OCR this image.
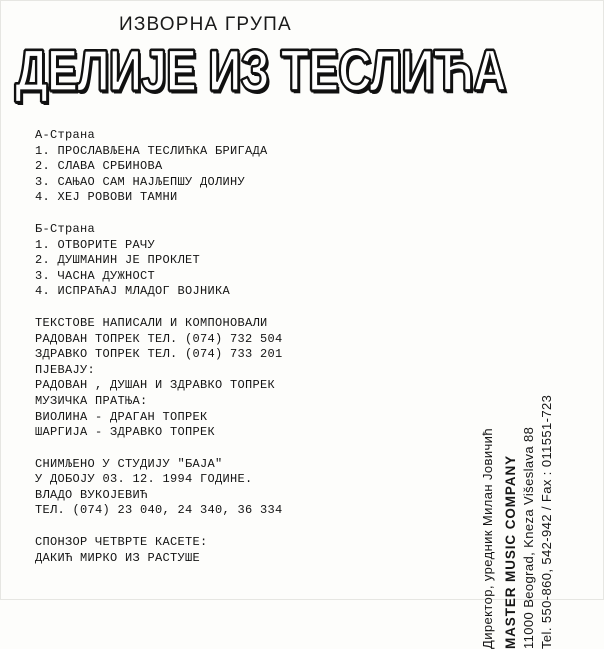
ИЗВОРНА ГРУПА
ДЕЛИЈЕ ИЗ ТЕСЛИЋА
А-Страна
1. ПРОСЛАВЉЕНА ТЕСЛИЋКА БРИГАДА
2. СЛАВА СРБИНОВА
3. САЊАО САМ НАЈЉЕПШУ ДОЛИНУ
4. ХЕЈ РОВОВИ ТАМНИ
Б-Страна
1. ОТВОРИТЕ РАЧУ
2. ДУШМАНИН ЈЕ ПРОКЛЕТ
3. ЧАСНА ДУЖНОСТ
4. ИСПРАЋАЈ МЛАДОГ ВОЈНИКА
ТЕКСТОВЕ НАПИСАЛИ И КОМПОНОВАЛИ
РАДОВАН ТОПРЕК ТЕЛ. (074) 732 504
ЗДРАВКО ТОПРЕК ТЕЛ. (074) 733 201
ПЈЕВАЈУ:
РАДОВАН , ДУШАН И ЗДРАВКО ТОПРЕК
МУЗИЧКА ПРАТЊА:
ВИОЛИНА - ДРАГАН ТОПРЕК
ШАРГИЈА - ЗДРАВКО ТОПРЕК
СНИМЉЕНО У СТУДИЈУ "БАЈА"
У ДОБОЈУ 03. 12. 1994 ГОДИНЕ.
ВЛАДО ВУКОЈЕВИЋ
ТЕЛ. (074) 23 040, 24 340, 36 334
СПОНЗОР ЧЕТВРТЕ КАСЕТЕ:
ДАКИЋ МИРКО ИЗ РАСТУШЕ	Директор, уредник Милан Јовичић MASTER MUSIC COMPANY 11000 Beograd, Kneza Višeslava 88 Tel. 550-860, 542-942 / Fax : 011551-723
